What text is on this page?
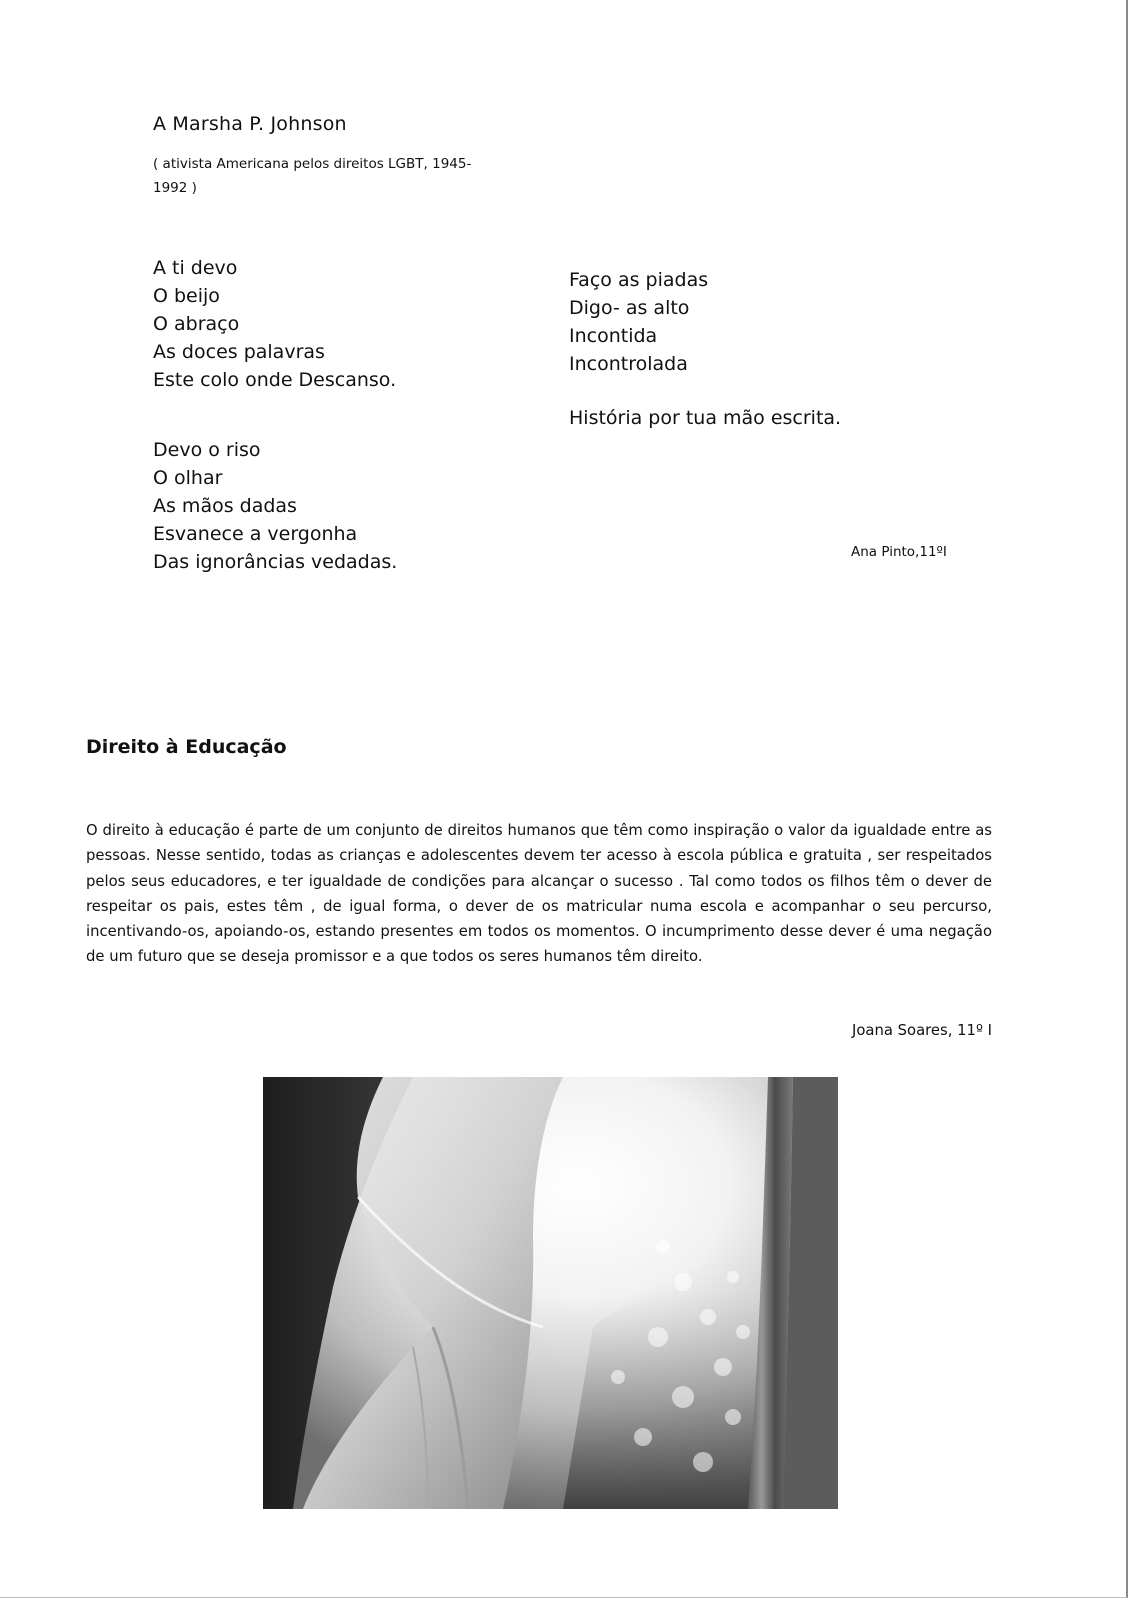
A Marsha P. Johnson
( ativista Americana pelos direitos LGBT, 1945-1992 )
A ti devo
O beijo
O abraço
As doces palavras
Este colo onde Descanso.
Devo o riso
O olhar
As mãos dadas
Esvanece a vergonha
Das ignorâncias vedadas.
Faço as piadas
Digo- as alto
Incontida
Incontrolada
História por tua mão escrita.
Ana Pinto,11ºI
Direito à Educação

O direito à educação é parte de um conjunto de direitos humanos que têm como inspiração o valor da igualdade entre as pessoas. Nesse sentido, todas as crianças e adolescentes devem ter acesso à escola pública e gratuita , ser respeitados pelos seus educadores, e ter igualdade de condições para alcançar o sucesso . Tal como todos os filhos têm o dever de respeitar os pais, estes têm , de igual forma, o dever de os matricular numa escola e acompanhar o seu percurso, incentivando-os, apoiando-os, estando presentes em todos os momentos. O incumprimento desse dever é uma negação de um futuro que se deseja promissor e a que todos os seres humanos têm direito.

Joana Soares, 11º I
